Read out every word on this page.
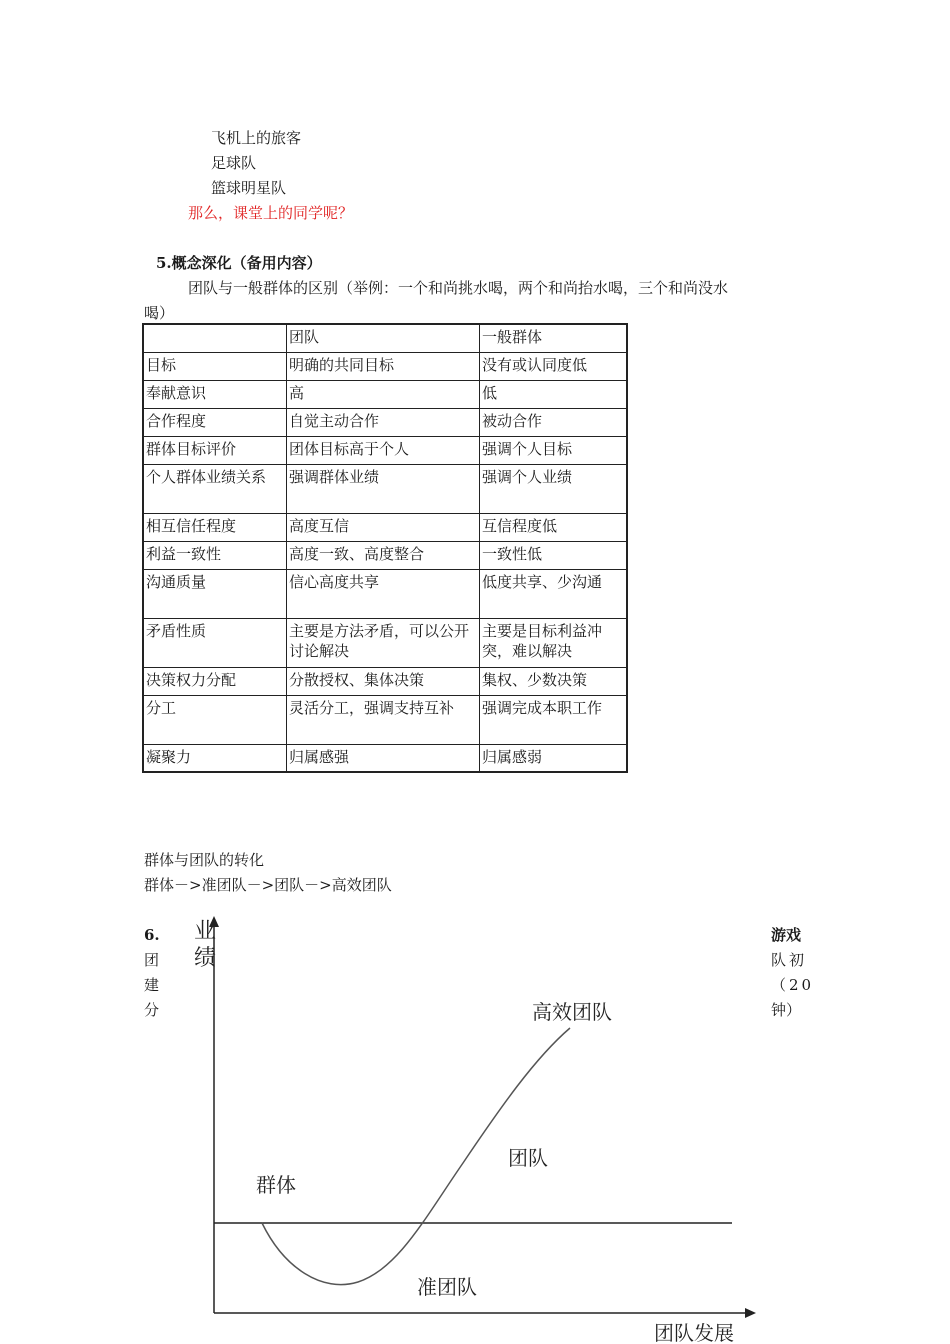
飞机上的旅客
足球队
篮球明星队
那么，课堂上的同学呢？
5.概念深化（备用内容）
团队与一般群体的区别（举例：一个和尚挑水喝，两个和尚抬水喝，三个和尚没水
喝）
	团队	一般群体
目标	明确的共同目标	没有或认同度低
奉献意识	高	低
合作程度	自觉主动合作	被动合作
群体目标评价	团体目标高于个人	强调个人目标
个人群体业绩关系	强调群体业绩	强调个人业绩
相互信任程度	高度互信	互信程度低
利益一致性	高度一致、高度整合	一致性低
沟通质量	信心高度共享	低度共享、少沟通
矛盾性质	主要是方法矛盾，可以公开讨论解决	主要是目标利益冲突，难以解决
决策权力分配	分散授权、集体决策	集权、少数决策
分工	灵活分工，强调支持互补	强调完成本职工作
凝聚力	归属感强	归属感弱
群体与团队的转化
群体－>准团队－>团队－>高效团队
6.
团
建
分
游戏
队初
（20
钟）
业 绩
团队发展
群体
准团队
团队
高效团队
